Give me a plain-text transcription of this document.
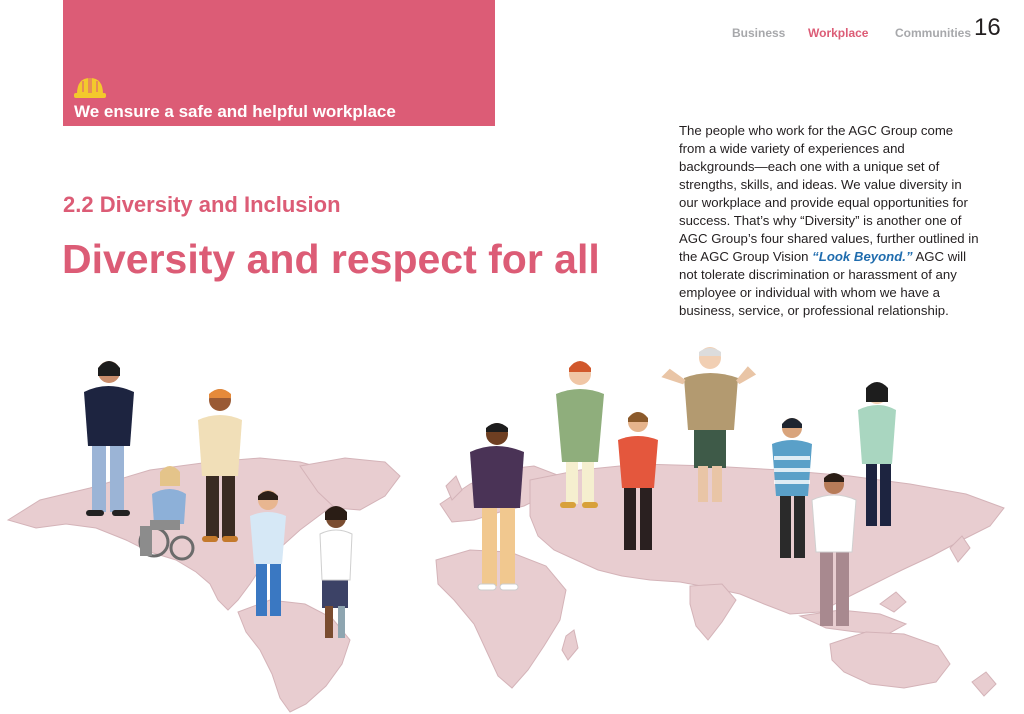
We ensure a safe and helpful workplace
Business Workplace Communities 16
2.2 Diversity and Inclusion
Diversity and respect for all
The people who work for the AGC Group come from a wide variety of experiences and backgrounds—each one with a unique set of strengths, skills, and ideas. We value diversity in our workplace and provide equal opportunities for success. That’s why “Diversity” is another one of AGC Group’s four shared values, further outlined in the AGC Group Vision “Look Beyond.” AGC will not tolerate discrimination or harassment of any employee or individual with whom we have a business, service, or professional relationship.
